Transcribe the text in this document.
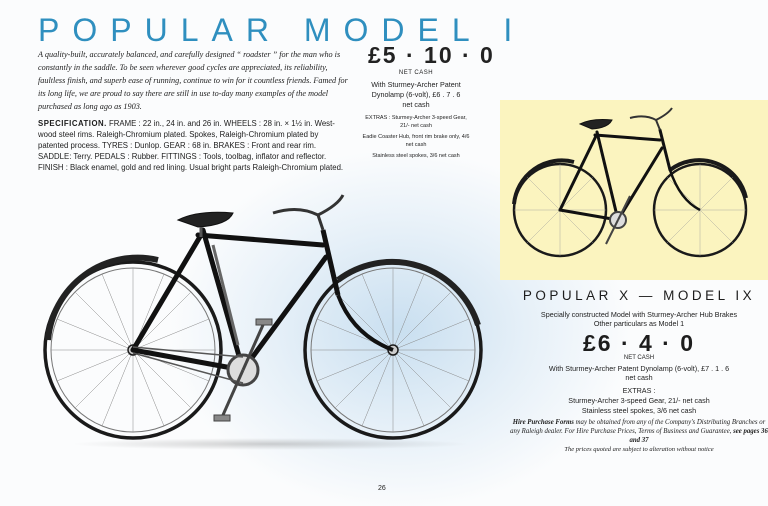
POPULAR MODEL I
A quality-built, accurately balanced, and carefully designed “ roadster ” for the man who is constantly in the saddle. To be seen wherever good cycles are appreciated, its reliability, faultless finish, and superb ease of running, continue to win for it countless friends. Famed for its long life, we are proud to say there are still in use to-day many examples of the model purchased as long ago as 1903.
SPECIFICATION. FRAME : 22 in., 24 in. and 26 in. WHEELS : 28 in. × 1½ in. West-wood steel rims. Raleigh-Chromium plated. Spokes, Raleigh-Chromium plated by patented process. TYRES : Dunlop. GEAR : 68 in. BRAKES : Front and rear rim. SADDLE: Terry. PEDALS : Rubber. FITTINGS : Tools, toolbag, inflator and reflector. FINISH : Black enamel, gold and red lining. Usual bright parts Raleigh-Chromium plated.
£5 · 10 · 0
NET CASH
With Sturmey-Archer Patent
Dynolamp (6-volt), £6 . 7 . 6
net cash
EXTRAS : Sturmey-Archer 3-speed Gear, 21/- net cash
Eadie Coaster Hub, front rim brake only, 4/6 net cash
Stainless steel spokes, 3/6 net cash
POPULAR X — MODEL IX
Specially constructed Model with Sturmey-Archer Hub Brakes
Other particulars as Model 1
£6 · 4 · 0
NET CASH
With Sturmey-Archer Patent Dynolamp (6-volt), £7 . 1 . 6
net cash
EXTRAS :
Sturmey-Archer 3-speed Gear, 21/- net cash
Stainless steel spokes, 3/6 net cash
Hire Purchase Forms may be obtained from any of the Company's Distributing Branches or any Raleigh dealer. For Hire Purchase Prices, Terms of Business and Guarantee, see pages 36 and 37
The prices quoted are subject to alteration without notice
26
